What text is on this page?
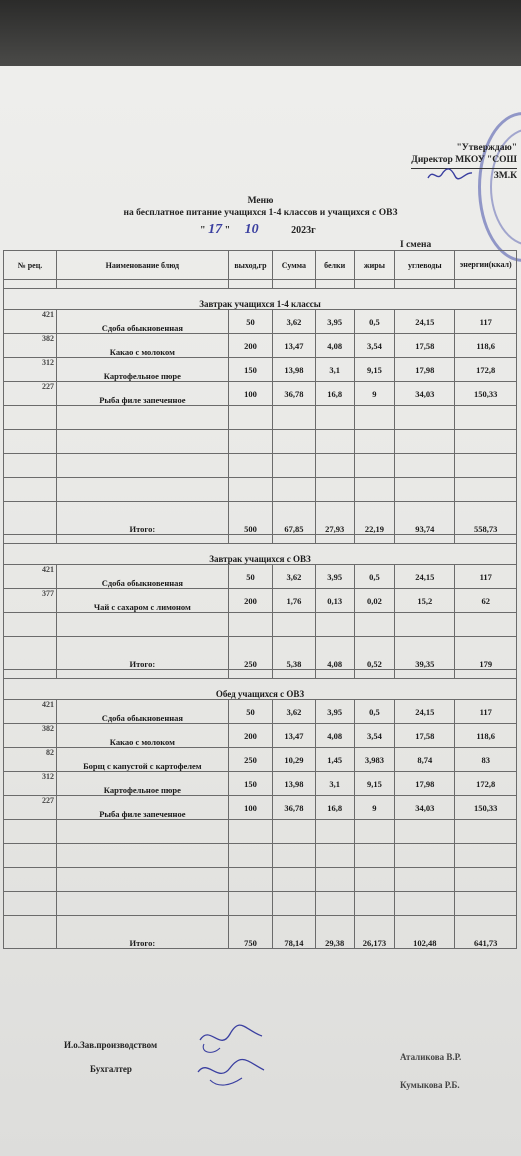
"Утверждаю"
Директор МКОУ "СОШ
ЗМ.К
Меню
на бесплатное питание учащихся 1-4 классов и учащихся с ОВЗ
" 17 " 10	2023г
I смена
№ рец.	Наименование блюд	выход,гр	Сумма	белки	жиры	углеводы	энергии(ккал)

Завтрак учащихся 1-4 классы							
421	Сдоба обыкновенная	50	3,62	3,95	0,5	24,15	117
382	Какао с молоком	200	13,47	4,08	3,54	17,58	118,6
312	Картофельное пюре	150	13,98	3,1	9,15	17,98	172,8
227	Рыба филе запеченное	100	36,78	16,8	9	34,03	150,33

	Итого:	500	67,85	27,93	22,19	93,74	558,73

Завтрак учащихся с ОВЗ							
421	Сдоба обыкновенная	50	3,62	3,95	0,5	24,15	117
377	Чай с сахаром с лимоном	200	1,76	0,13	0,02	15,2	62

	Итого:	250	5,38	4,08	0,52	39,35	179

Обед учащихся с ОВЗ							
421	Сдоба обыкновенная	50	3,62	3,95	0,5	24,15	117
382	Какао с молоком	200	13,47	4,08	3,54	17,58	118,6
82	Борщ с капустой с картофелем	250	10,29	1,45	3,983	8,74	83
312	Картофельное пюре	150	13,98	3,1	9,15	17,98	172,8
227	Рыба филе запеченное	100	36,78	16,8	9	34,03	150,33

	Итого:	750	78,14	29,38	26,173	102,48	641,73
И.о.Зав.производством
Аталикова В.Р.
Бухгалтер
Кумыкова Р.Б.
